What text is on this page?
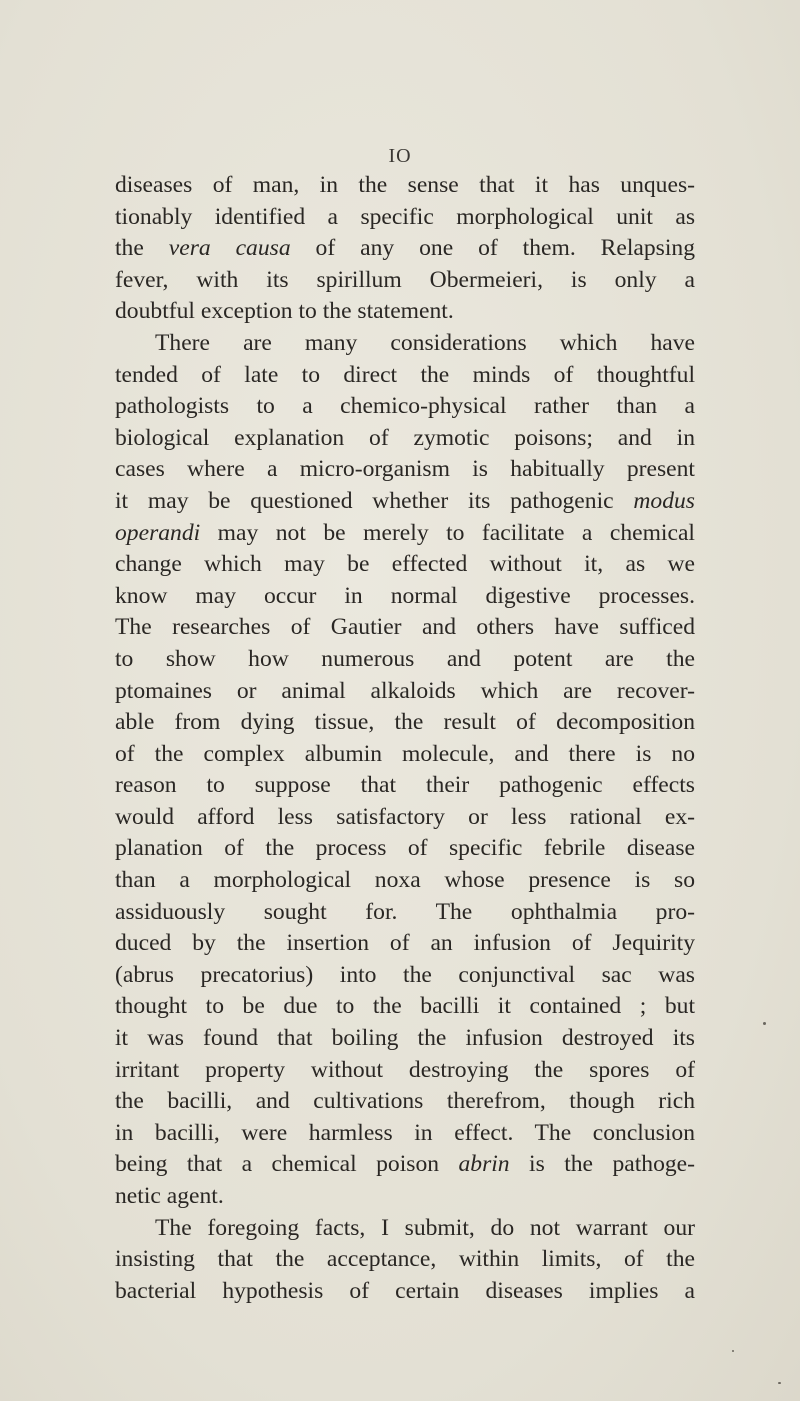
IO
diseases of man, in the sense that it has unques-
tionably identified a specific morphological unit as
the vera causa of any one of them. Relapsing
fever, with its spirillum Obermeieri, is only a
doubtful exception to the statement.
There are many considerations which have
tended of late to direct the minds of thoughtful
pathologists to a chemico-physical rather than a
biological explanation of zymotic poisons; and in
cases where a micro-organism is habitually present
it may be questioned whether its pathogenic modus
operandi may not be merely to facilitate a chemical
change which may be effected without it, as we
know may occur in normal digestive processes.
The researches of Gautier and others have sufficed
to show how numerous and potent are the
ptomaines or animal alkaloids which are recover-
able from dying tissue, the result of decomposition
of the complex albumin molecule, and there is no
reason to suppose that their pathogenic effects
would afford less satisfactory or less rational ex-
planation of the process of specific febrile disease
than a morphological noxa whose presence is so
assiduously sought for. The ophthalmia pro-
duced by the insertion of an infusion of Jequirity
(abrus precatorius) into the conjunctival sac was
thought to be due to the bacilli it contained ; but
it was found that boiling the infusion destroyed its
irritant property without destroying the spores of
the bacilli, and cultivations therefrom, though rich
in bacilli, were harmless in effect. The conclusion
being that a chemical poison abrin is the pathoge-
netic agent.
The foregoing facts, I submit, do not warrant our
insisting that the acceptance, within limits, of the
bacterial hypothesis of certain diseases implies a
